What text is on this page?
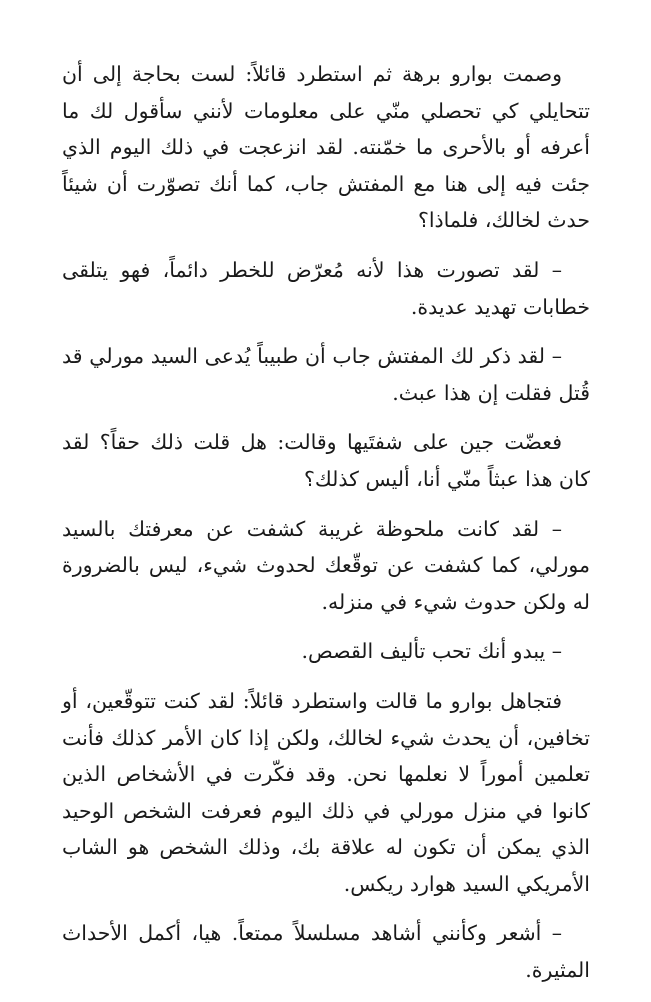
وصمت بوارو برهة ثم استطرد قائلاً: لست بحاجة إلى أن تتحايلي كي تحصلي منّي على معلومات لأنني سأقول لك ما أعرفه أو بالأحرى ما خمّنته. لقد انزعجت في ذلك اليوم الذي جئت فيه إلى هنا مع المفتش جاب، كما أنك تصوّرت أن شيئاً حدث لخالك، فلماذا؟

– لقد تصورت هذا لأنه مُعرّض للخطر دائماً، فهو يتلقى خطابات تهديد عديدة.

– لقد ذكر لك المفتش جاب أن طبيباً يُدعى السيد مورلي قد قُتل فقلت إن هذا عبث.

فعضّت جين على شفتَيها وقالت: هل قلت ذلك حقاً؟ لقد كان هذا عبثاً منّي أنا، أليس كذلك؟

– لقد كانت ملحوظة غريبة كشفت عن معرفتك بالسيد مورلي، كما كشفت عن توقّعك لحدوث شيء، ليس بالضرورة له ولكن حدوث شيء في منزله.

– يبدو أنك تحب تأليف القصص.

فتجاهل بوارو ما قالت واستطرد قائلاً: لقد كنت تتوقّعين، أو تخافين، أن يحدث شيء لخالك، ولكن إذا كان الأمر كذلك فأنت تعلمين أموراً لا نعلمها نحن. وقد فكّرت في الأشخاص الذين كانوا في منزل مورلي في ذلك اليوم فعرفت الشخص الوحيد الذي يمكن أن تكون له علاقة بك، وذلك الشخص هو الشاب الأمريكي السيد هوارد ريكس.

– أشعر وكأنني أشاهد مسلسلاً ممتعاً. هيا، أكمل الأحداث المثيرة.
